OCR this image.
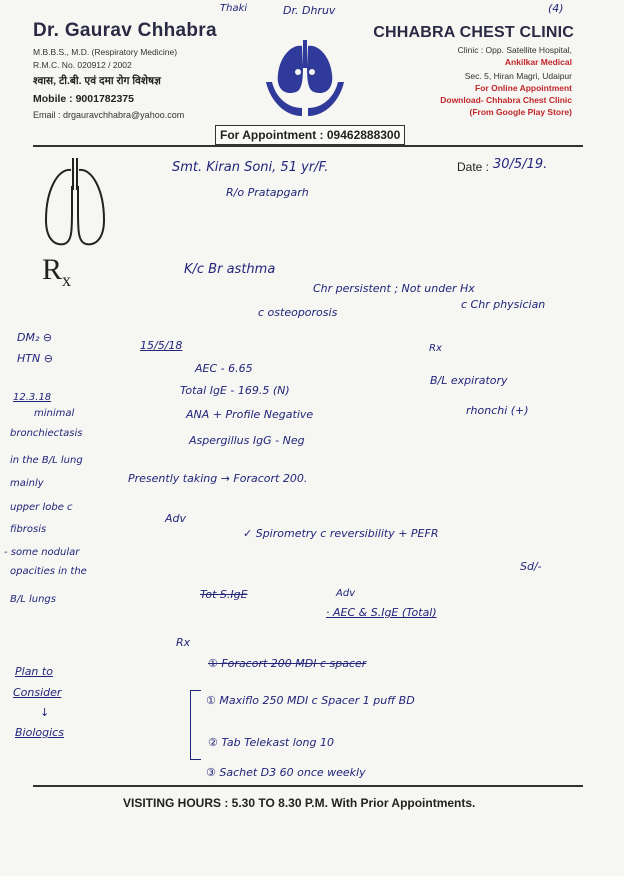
Dr. Gaurav Chhabra
M.B.B.S., M.D. (Respiratory Medicine)
R.M.C. No. 020912 / 2002
श्वास, टी.बी. एवं दमा रोग विशेषज्ञ
Mobile : 9001782375
Email : drgauravchhabra@yahoo.com
CHHABRA CHEST CLINIC
Clinic : Opp. Satellite Hospital,
Ankilkar Medical
Sec. 5, Hiran Magri, Udaipur
For Online Appointment
Download- Chhabra Chest Clinic
(From Google Play Store)
For Appointment : 09462888300
$R_x$
Date :
Thaki	Dr. Dhruv	(4)
Smt. Kiran Soni, 51 yr/F.
R/o Pratapgarh
30/5/19.
K/c Br asthma
Chr persistent ; Not under Hx
c osteoporosis
c Chr physician
DM₂ ⊖
HTN ⊖
15/5/18
AEC - 6.65
Total IgE - 169.5 (N)
ANA + Profile Negative
Aspergillus IgG - Neg
Rx
B/L expiratory
rhonchi (+)
12.3.18
minimal
bronchiectasis
in the B/L lung
mainly
upper lobe c
fibrosis
- some nodular
opacities in the
B/L lungs
Presently taking → Foracort 200.
Adv
✓ Spirometry c reversibility + PEFR
Sd/-
Tot S.IgE	Adv
· AEC & S.IgE (Total)
Rx
① Foracort 200 MDI c spacer
① Maxiflo 250 MDI c Spacer 1 puff BD
② Tab Telekast long 10
③ Sachet D3 60 once weekly
Plan to
Consider
↓
Biologics
VISITING HOURS : 5.30 TO 8.30 P.M. With Prior Appointments.
